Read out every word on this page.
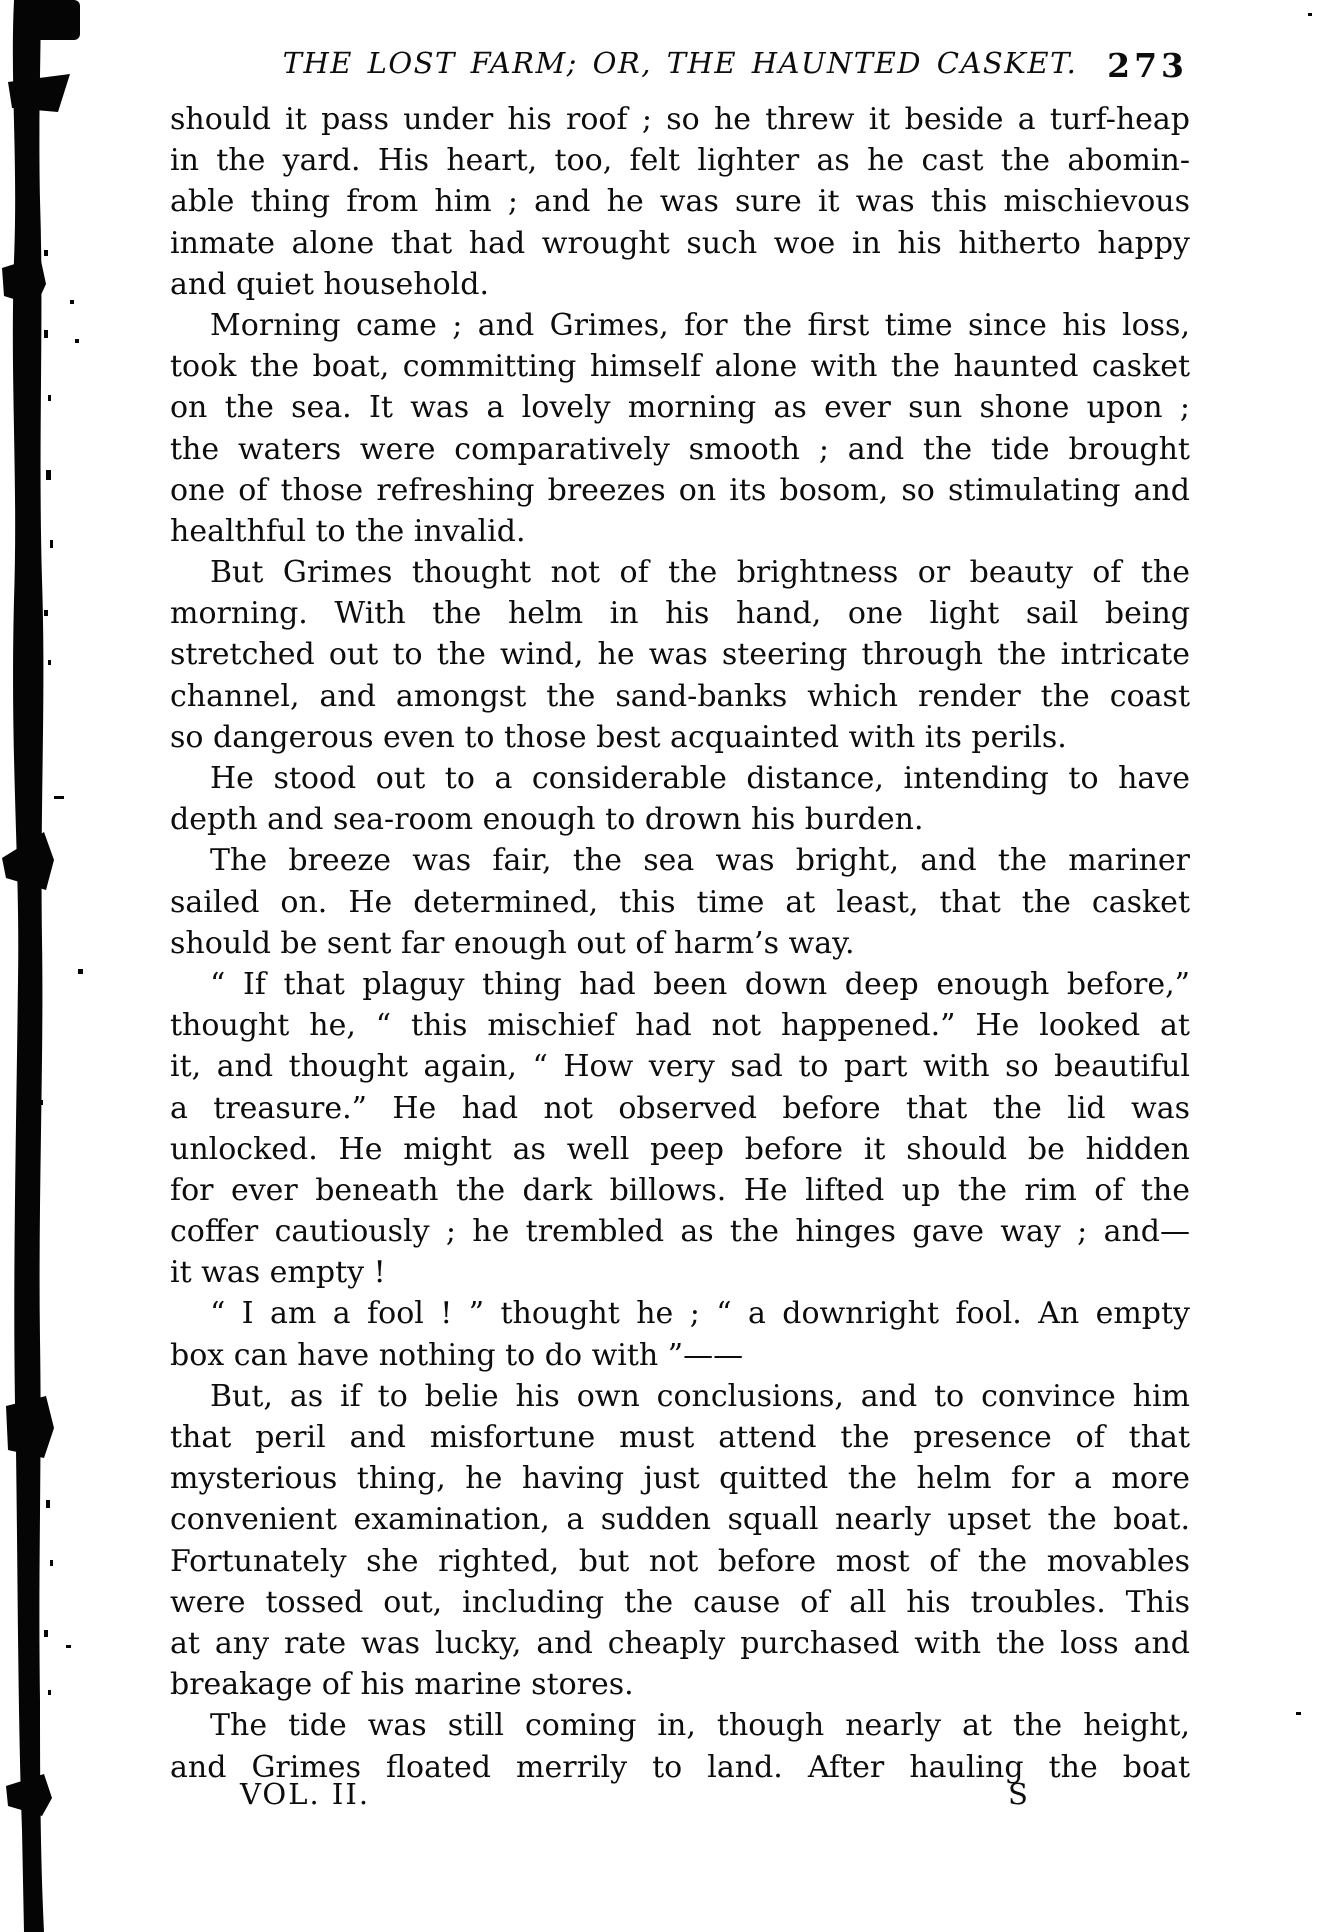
THE LOST FARM; OR, THE HAUNTED CASKET. 273
should it pass under his roof ; so he threw it beside a turf-heap
in the yard. His heart, too, felt lighter as he cast the abomin-
able thing from him ; and he was sure it was this mischievous
inmate alone that had wrought such woe in his hitherto happy
and quiet household.
Morning came ; and Grimes, for the first time since his loss,
took the boat, committing himself alone with the haunted casket
on the sea. It was a lovely morning as ever sun shone upon ;
the waters were comparatively smooth ; and the tide brought
one of those refreshing breezes on its bosom, so stimulating and
healthful to the invalid.
But Grimes thought not of the brightness or beauty of the
morning. With the helm in his hand, one light sail being
stretched out to the wind, he was steering through the intricate
channel, and amongst the sand-banks which render the coast
so dangerous even to those best acquainted with its perils.
He stood out to a considerable distance, intending to have
depth and sea-room enough to drown his burden.
The breeze was fair, the sea was bright, and the mariner
sailed on. He determined, this time at least, that the casket
should be sent far enough out of harm’s way.
“ If that plaguy thing had been down deep enough before,”
thought he, “ this mischief had not happened.” He looked at
it, and thought again, “ How very sad to part with so beautiful
a treasure.” He had not observed before that the lid was
unlocked. He might as well peep before it should be hidden
for ever beneath the dark billows. He lifted up the rim of the
coffer cautiously ; he trembled as the hinges gave way ; and—
it was empty !
“ I am a fool ! ” thought he ; “ a downright fool. An empty
box can have nothing to do with ”——
But, as if to belie his own conclusions, and to convince him
that peril and misfortune must attend the presence of that
mysterious thing, he having just quitted the helm for a more
convenient examination, a sudden squall nearly upset the boat.
Fortunately she righted, but not before most of the movables
were tossed out, including the cause of all his troubles. This
at any rate was lucky, and cheaply purchased with the loss and
breakage of his marine stores.
The tide was still coming in, though nearly at the height,
and Grimes floated merrily to land. After hauling the boat
VOL. II.	S
